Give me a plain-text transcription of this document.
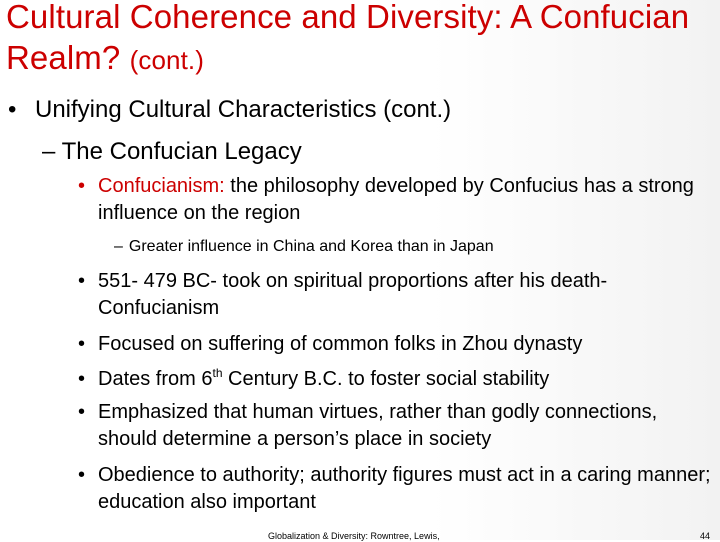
Cultural Coherence and Diversity: A Confucian Realm? (cont.)
• Unifying Cultural Characteristics (cont.)
– The Confucian Legacy
• Confucianism: the philosophy developed by Confucius has a strong influence on the region
– Greater influence in China and Korea than in Japan
• 551- 479 BC- took on spiritual proportions after his death- Confucianism
• Focused on suffering of common folks in Zhou dynasty
• Dates from 6th Century B.C. to foster social stability
• Emphasized that human virtues, rather than godly connections, should determine a person’s place in society
• Obedience to authority; authority figures must act in a caring manner; education also important
Globalization & Diversity: Rowntree, Lewis,	44
